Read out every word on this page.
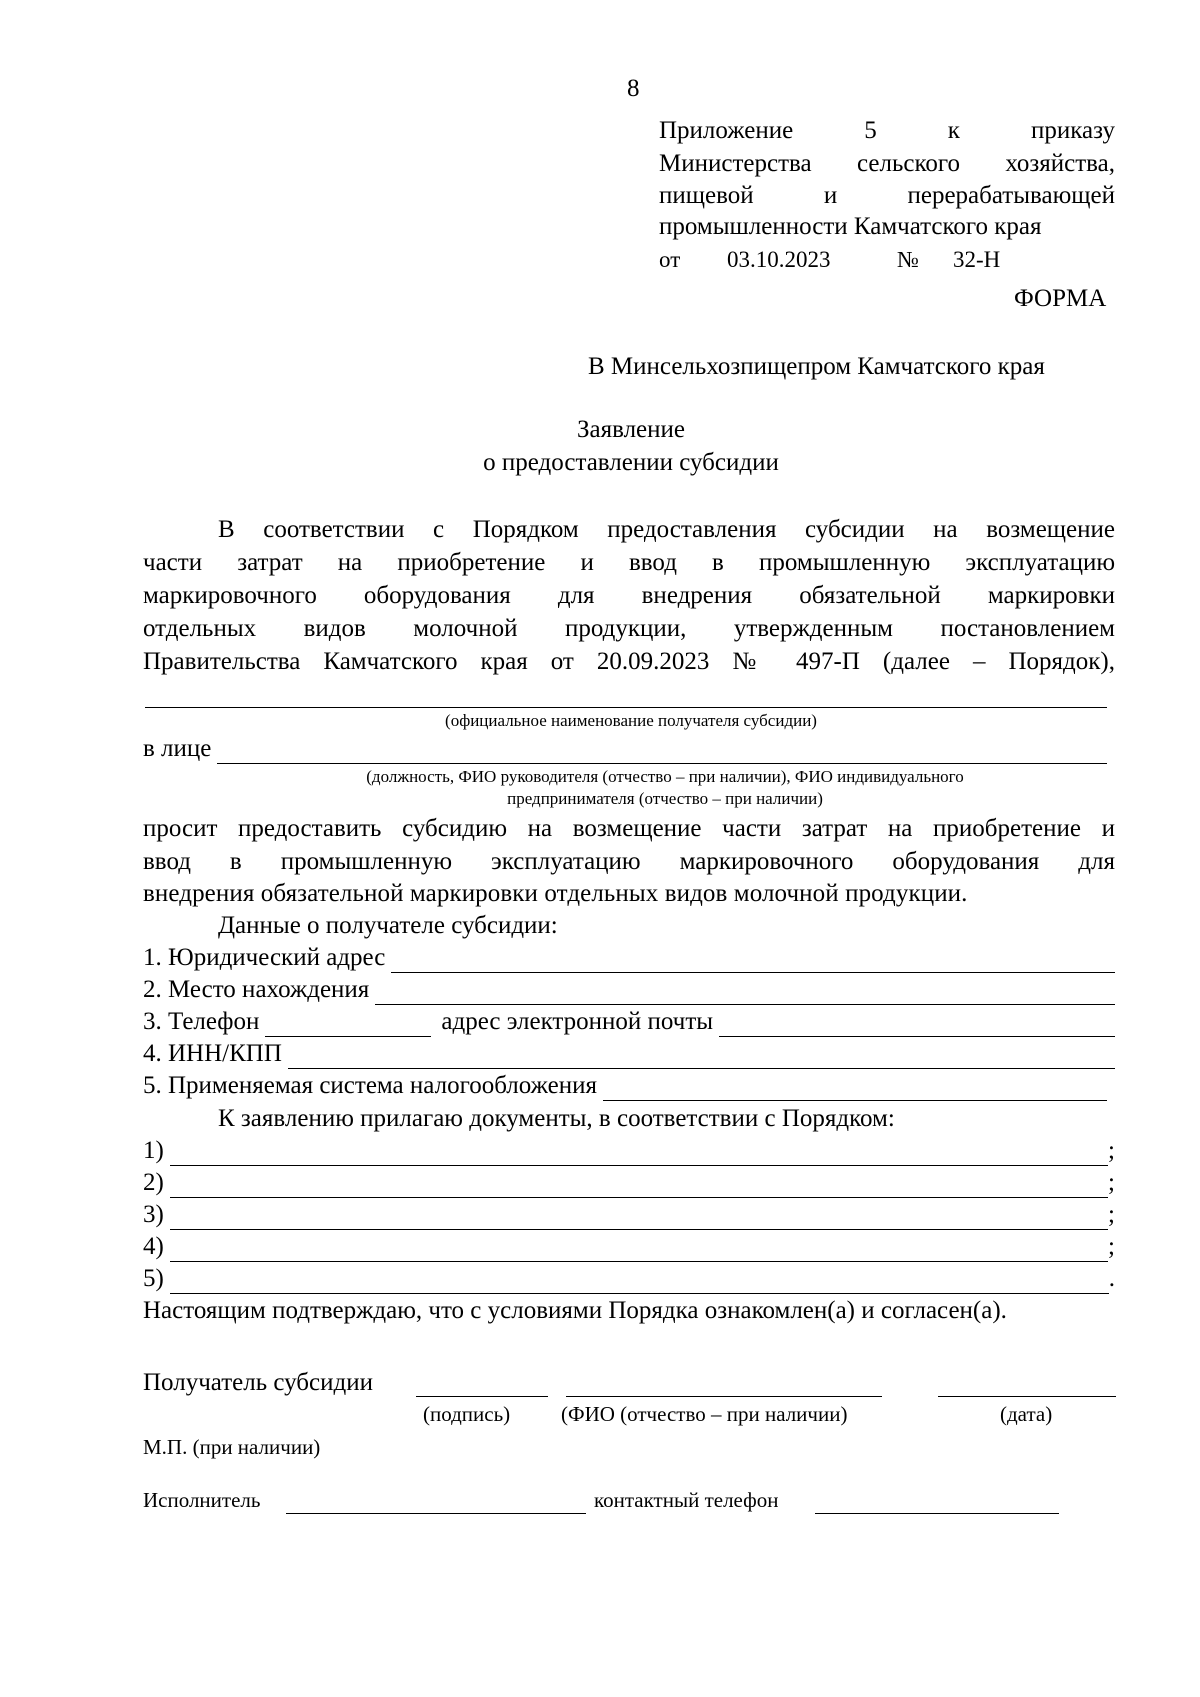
8
Приложение	5	к	приказу
Министерства сельского хозяйства,
пищевой и перерабатывающей
промышленности Камчатского края
от 03.10.2023	№ 32-Н
ФОРМА
В Минсельхозпищепром Камчатского края
Заявление
о предоставлении субсидии
В соответствии с Порядком предоставления субсидии на возмещение
части затрат на приобретение и ввод в промышленную эксплуатацию
маркировочного оборудования для внедрения обязательной маркировки
отдельных видов молочной продукции, утвержденным постановлением
Правительства Камчатского края от 20.09.2023 № 497-П (далее – Порядок),
(официальное наименование получателя субсидии)
в лице
(должность, ФИО руководителя (отчество – при наличии), ФИО индивидуального
предпринимателя (отчество – при наличии)
просит предоставить субсидию на возмещение части затрат на приобретение и
ввод в промышленную эксплуатацию маркировочного оборудования для
внедрения обязательной маркировки отдельных видов молочной продукции.
Данные о получателе субсидии:
1. Юридический адрес
2. Место нахождения
3. Телефон	адрес электронной почты
4. ИНН/КПП
5. Применяемая система налогообложения
К заявлению прилагаю документы, в соответствии с Порядком:
1)	;
2)	;
3)	;
4)	;
5)	.
Настоящим подтверждаю, что с условиями Порядка ознакомлен(а) и согласен(а).
Получатель субсидии
(подпись) (ФИО (отчество – при наличии)	(дата)
М.П. (при наличии)
Исполнитель	контактный телефон
